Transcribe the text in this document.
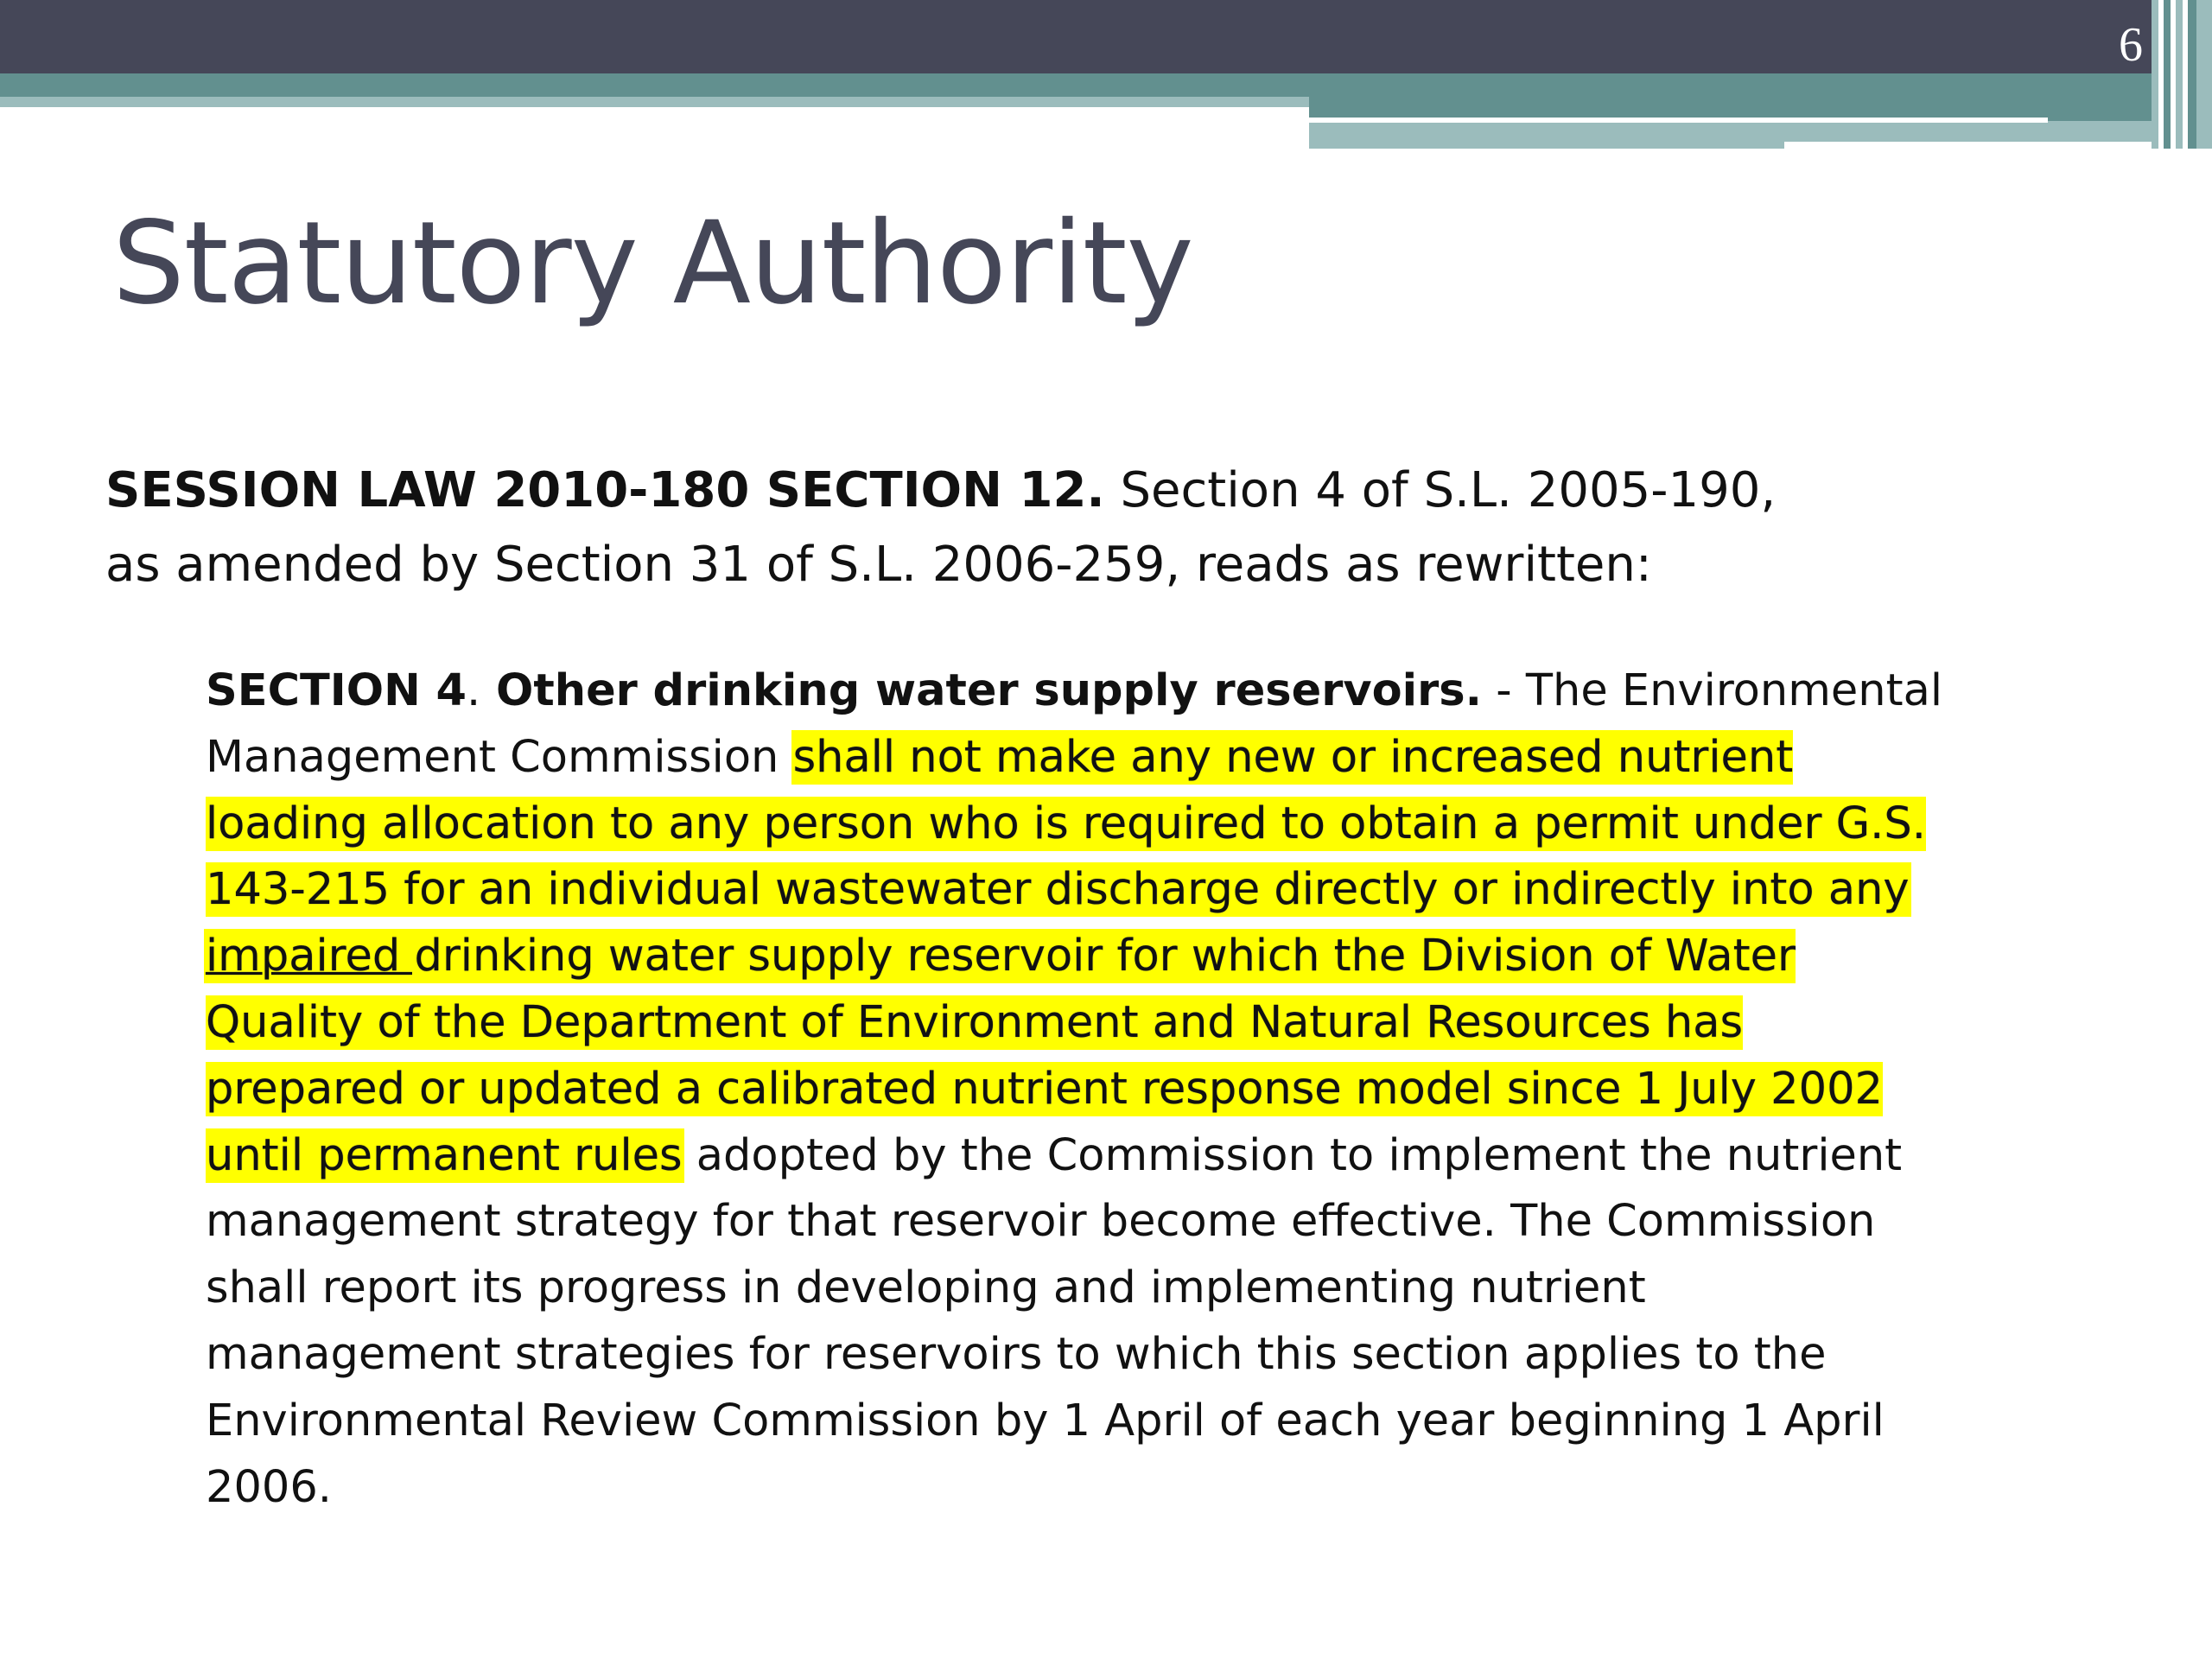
6
Statutory Authority

SESSION LAW 2010-180 SECTION 12. Section 4 of S.L. 2005-190, as amended by Section 31 of S.L. 2006-259, reads as rewritten:

SECTION 4. Other drinking water supply reservoirs. - The Environmental Management Commission shall not make any new or increased nutrient loading allocation to any person who is required to obtain a permit under G.S. 143-215 for an individual wastewater discharge directly or indirectly into any impaired drinking water supply reservoir for which the Division of Water Quality of the Department of Environment and Natural Resources has prepared or updated a calibrated nutrient response model since 1 July 2002 until permanent rules adopted by the Commission to implement the nutrient management strategy for that reservoir become effective. The Commission shall report its progress in developing and implementing nutrient management strategies for reservoirs to which this section applies to the Environmental Review Commission by 1 April of each year beginning 1 April 2006.
